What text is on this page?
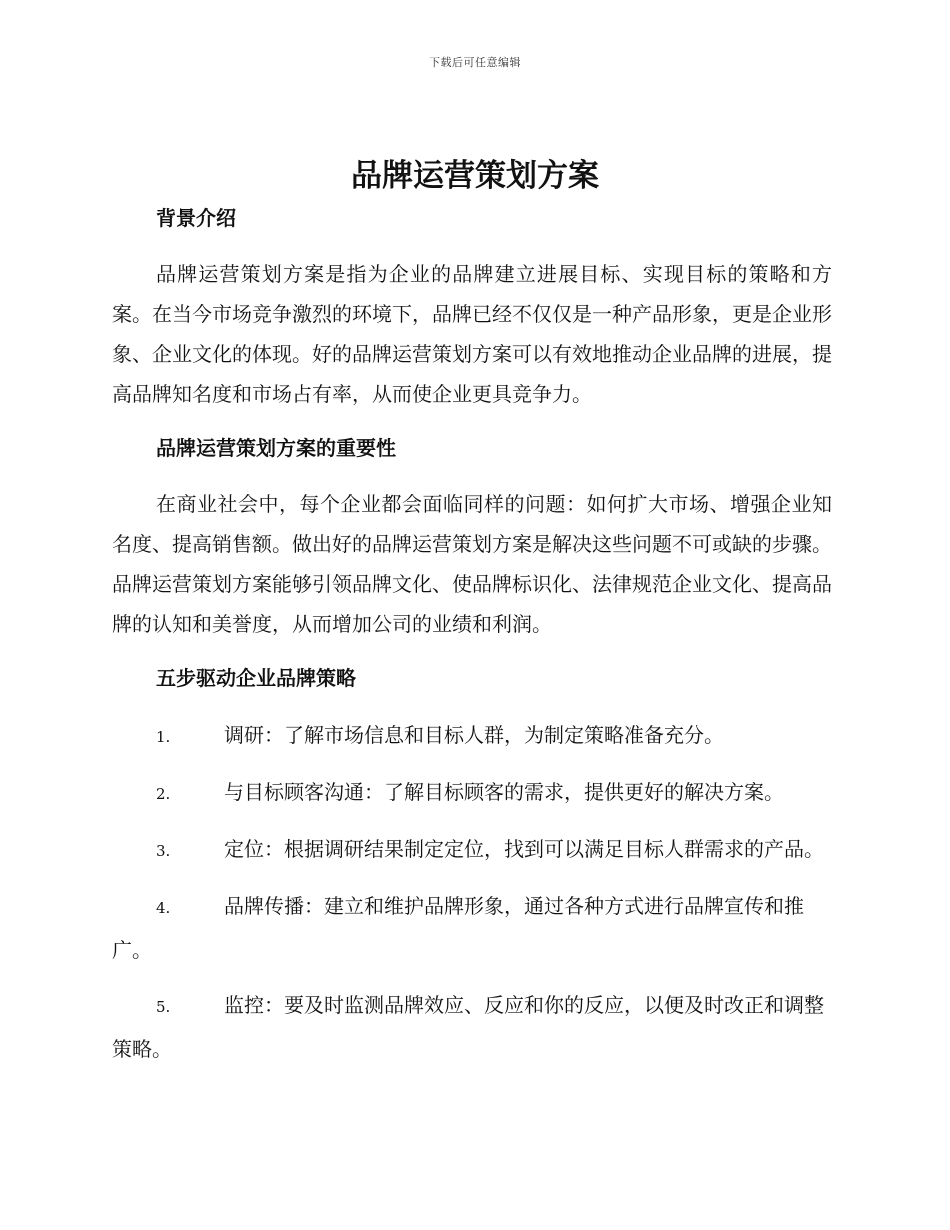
下载后可任意编辑
品牌运营策划方案
背景介绍

品牌运营策划方案是指为企业的品牌建立进展目标、实现目标的策略和方案。在当今市场竞争激烈的环境下，品牌已经不仅仅是一种产品形象，更是企业形象、企业文化的体现。好的品牌运营策划方案可以有效地推动企业品牌的进展，提高品牌知名度和市场占有率，从而使企业更具竞争力。

品牌运营策划方案的重要性

在商业社会中，每个企业都会面临同样的问题：如何扩大市场、增强企业知名度、提高销售额。做出好的品牌运营策划方案是解决这些问题不可或缺的步骤。品牌运营策划方案能够引领品牌文化、使品牌标识化、法律规范企业文化、提高品牌的认知和美誉度，从而增加公司的业绩和利润。

五步驱动企业品牌策略

1.	调研：了解市场信息和目标人群，为制定策略准备充分。

2.	与目标顾客沟通：了解目标顾客的需求，提供更好的解决方案。

3.	定位：根据调研结果制定定位，找到可以满足目标人群需求的产品。

4.	品牌传播：建立和维护品牌形象，通过各种方式进行品牌宣传和推广。

5.	监控：要及时监测品牌效应、反应和你的反应，以便及时改正和调整策略。
